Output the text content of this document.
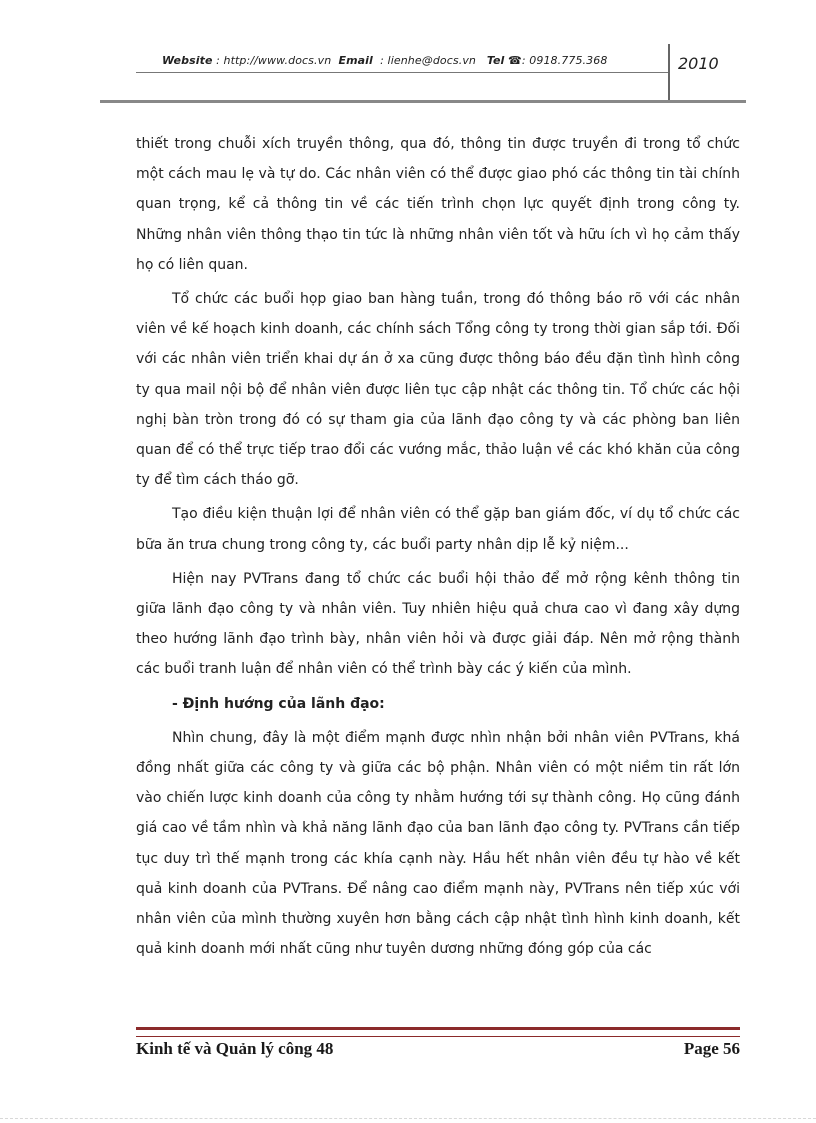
Website : http://www.docs.vn Email : lienhe@docs.vn Tel ☎: 0918.775.368	2010

thiết trong chuỗi xích truyền thông, qua đó, thông tin được truyền đi trong tổ chức một cách mau lẹ và tự do. Các nhân viên có thể được giao phó các thông tin tài chính quan trọng, kể cả thông tin về các tiến trình chọn lực quyết định trong công ty. Những nhân viên thông thạo tin tức là những nhân viên tốt và hữu ích vì họ cảm thấy họ có liên quan.

Tổ chức các buổi họp giao ban hàng tuần, trong đó thông báo rõ với các nhân viên về kế hoạch kinh doanh, các chính sách Tổng công ty trong thời gian sắp tới. Đối với các nhân viên triển khai dự án ở xa cũng được thông báo đều đặn tình hình công ty qua mail nội bộ để nhân viên được liên tục cập nhật các thông tin. Tổ chức các hội nghị bàn tròn trong đó có sự tham gia của lãnh đạo công ty và các phòng ban liên quan để có thể trực tiếp trao đổi các vướng mắc, thảo luận về các khó khăn của công ty để tìm cách tháo gỡ.

Tạo điều kiện thuận lợi để nhân viên có thể gặp ban giám đốc, ví dụ tổ chức các bữa ăn trưa chung trong công ty, các buổi party nhân dịp lễ kỷ niệm...

Hiện nay PVTrans đang tổ chức các buổi hội thảo để mở rộng kênh thông tin giữa lãnh đạo công ty và nhân viên. Tuy nhiên hiệu quả chưa cao vì đang xây dựng theo hướng lãnh đạo trình bày, nhân viên hỏi và được giải đáp. Nên mở rộng thành các buổi tranh luận để nhân viên có thể trình bày các ý kiến của mình.

- Định hướng của lãnh đạo:

Nhìn chung, đây là một điểm mạnh được nhìn nhận bởi nhân viên PVTrans, khá đồng nhất giữa các công ty và giữa các bộ phận. Nhân viên có một niềm tin rất lớn vào chiến lược kinh doanh của công ty nhằm hướng tới sự thành công. Họ cũng đánh giá cao về tầm nhìn và khả năng lãnh đạo của ban lãnh đạo công ty. PVTrans cần tiếp tục duy trì thế mạnh trong các khía cạnh này. Hầu hết nhân viên đều tự hào về kết quả kinh doanh của PVTrans. Để nâng cao điểm mạnh này, PVTrans nên tiếp xúc với nhân viên của mình thường xuyên hơn bằng cách cập nhật tình hình kinh doanh, kết quả kinh doanh mới nhất cũng như tuyên dương những đóng góp của các

Kinh tế và Quản lý công 48	Page 56
